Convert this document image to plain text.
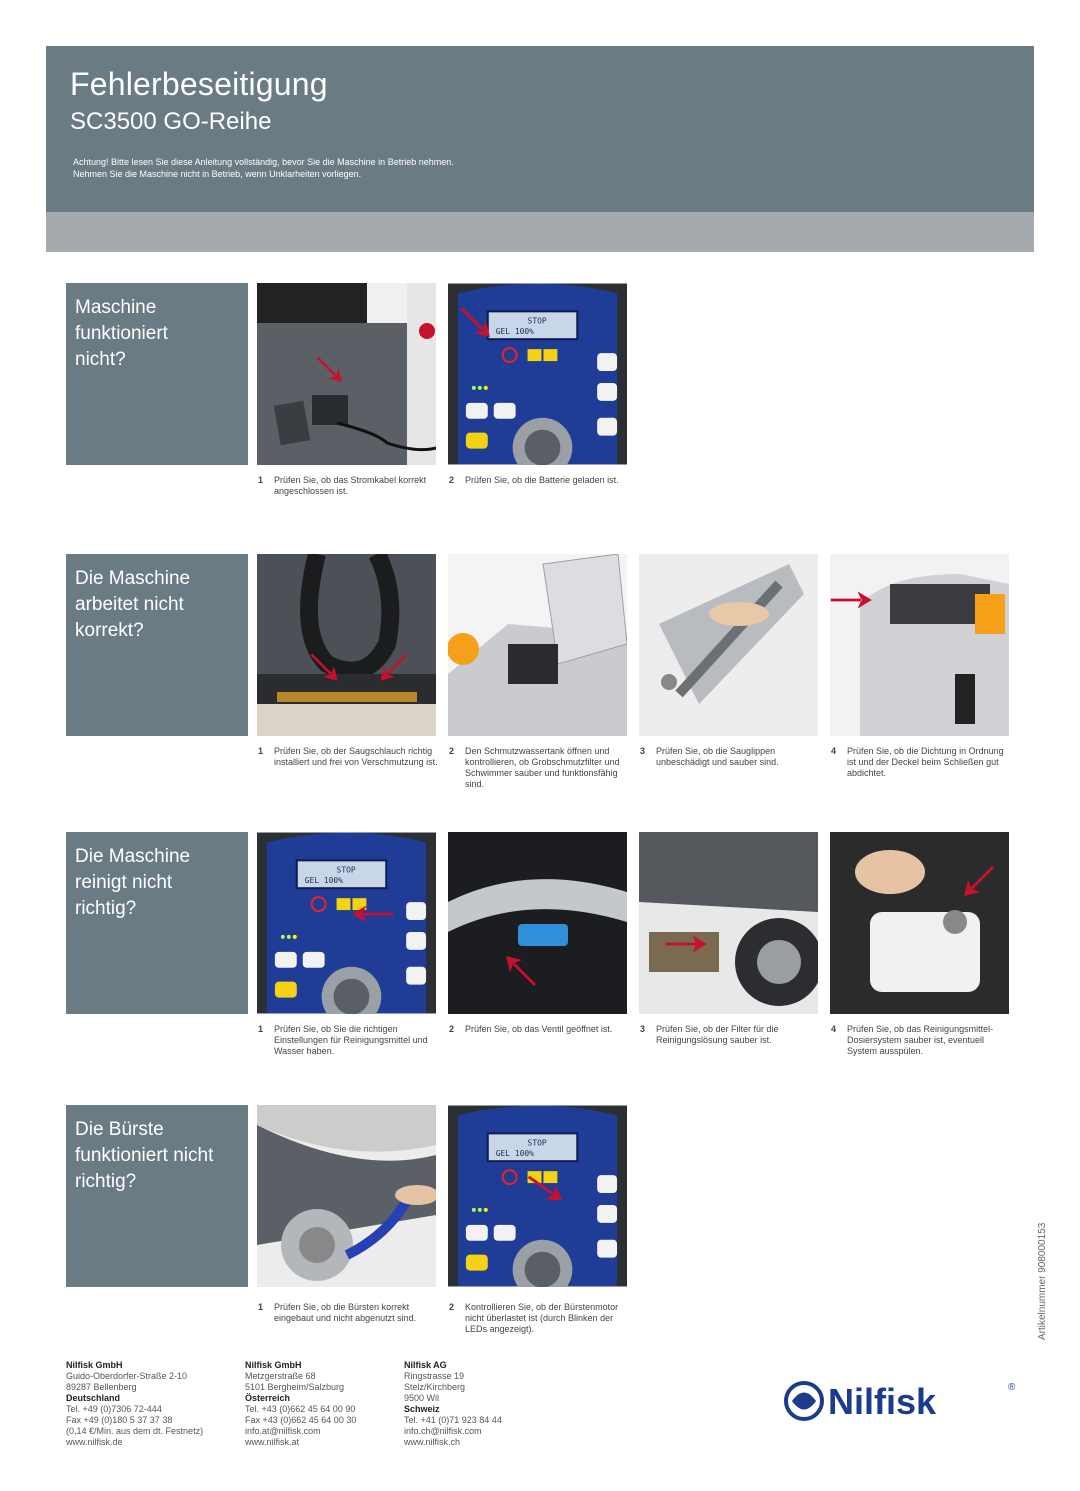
Fehlerbeseitigung
SC3500 GO-Reihe
Achtung! Bitte lesen Sie diese Anleitung vollständig, bevor Sie die Maschine in Betrieb nehmen.
Nehmen Sie die Maschine nicht in Betrieb, wenn Unklarheiten vorliegen.
Maschine
funktioniert
nicht?
1 Prüfen Sie, ob das Stromkabel korrekt angeschlossen ist.
2 Prüfen Sie, ob die Batterie geladen ist.
Die Maschine
arbeitet nicht
korrekt?
1 Prüfen Sie, ob der Saugschlauch richtig installiert und frei von Verschmutzung ist.
2 Den Schmutzwassertank öffnen und kontrollieren, ob Grobschmutzfilter und Schwimmer sauber und funktionsfähig sind.
3 Prüfen Sie, ob die Sauglippen unbeschädigt und sauber sind.
4 Prüfen Sie, ob die Dichtung in Ordnung ist und der Deckel beim Schließen gut abdichtet.
Die Maschine
reinigt nicht
richtig?
1 Prüfen Sie, ob Sie die richtigen Einstellungen für Reinigungsmittel und Wasser haben.
2 Prüfen Sie, ob das Ventil geöffnet ist.	3 Prüfen Sie, ob der Filter für die Reinigungslösung sauber ist.
4 Prüfen Sie, ob das Reinigungsmittel-Dosiersystem sauber ist, eventuell System ausspülen.
Die Bürste
funktioniert nicht
richtig?
1 Prüfen Sie, ob die Bürsten korrekt eingebaut und nicht abgenutzt sind.
2 Kontrollieren Sie, ob der Bürstenmotor nicht überlastet ist (durch Blinken der LEDs angezeigt).
Nilfisk GmbH
Guido-Oberdorfer-Straße 2-10
89287 Bellenberg
Deutschland
Tel. +49 (0)7306 72-444
Fax +49 (0)180 5 37 37 38
(0,14 €/Min. aus dem dt. Festnetz)
www.nilfisk.de
Nilfisk GmbH
Metzgerstraße 68
5101 Bergheim/Salzburg
Österreich
Tel. +43 (0)662 45 64 00 90
Fax +43 (0)662 45 64 00 30
info.at@nilfisk.com
www.nilfisk.at
Nilfisk AG
Ringstrasse 19
Stelz/Kirchberg
9500 Wil
Schweiz
Tel. +41 (0)71 923 84 44
info.ch@nilfisk.com
www.nilfisk.ch
Nilfisk	®
Artikelnummer 908000153
